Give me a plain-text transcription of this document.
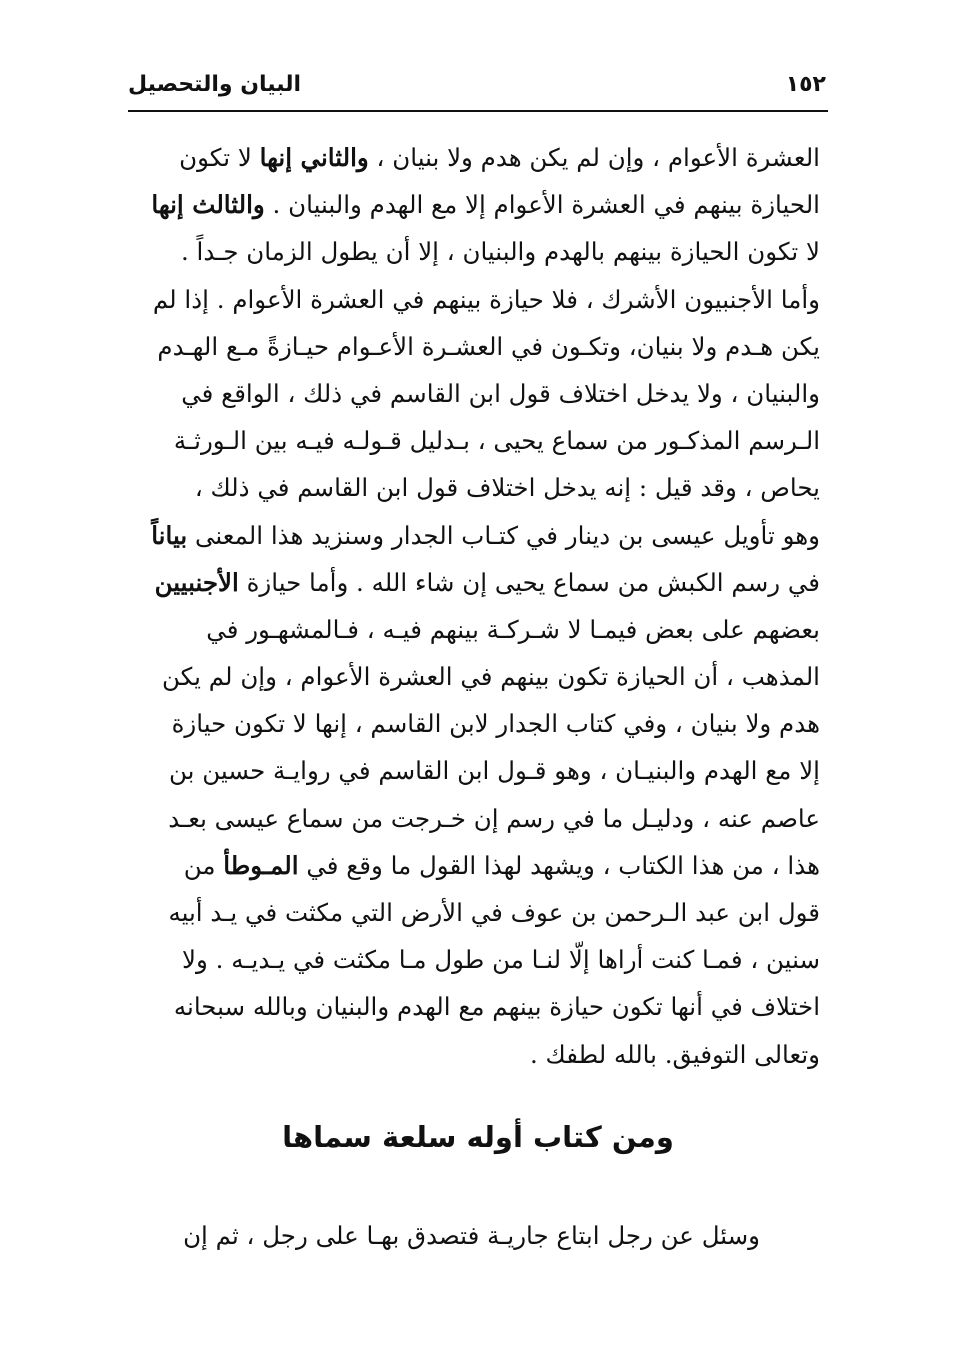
١٥٢
البيان والتحصيل
العشرة الأعوام ، وإن لم يكن هدم ولا بنيان ، والثاني إنها لا تكون
الحيازة بينهم في العشرة الأعوام إلا مع الهدم والبنيان . والثالث إنها
لا تكون الحيازة بينهم بالهدم والبنيان ، إلا أن يطول الزمان جـداً .
وأما الأجنبيون الأشرك ، فلا حيازة بينهم في العشرة الأعوام . إذا لم
يكن هـدم ولا بنيان، وتكـون في العشـرة الأعـوام حيـازةً مـع الهـدم
والبنيان ، ولا يدخل اختلاف قول ابن القاسم في ذلك ، الواقع في
الـرسم المذكـور من سماع يحيى ، بـدليل قـولـه فيـه بين الـورثـة
يحاص ، وقد قيل : إنه يدخل اختلاف قول ابن القاسم في ذلك ،
وهو تأويل عيسى بن دينار في كتـاب الجدار وسنزيد هذا المعنى بياناً
في رسم الكبش من سماع يحيى إن شاء الله . وأما حيازة الأجنبيين
بعضهم على بعض فيمـا لا شـركـة بينهم فيـه ، فـالمشهـور في
المذهب ، أن الحيازة تكون بينهم في العشرة الأعوام ، وإن لم يكن
هدم ولا بنيان ، وفي كتاب الجدار لابن القاسم ، إنها لا تكون حيازة
إلا مع الهدم والبنيـان ، وهو قـول ابن القاسم في روايـة حسين بن
عاصم عنه ، ودليـل ما في رسم إن خـرجت من سماع عيسى بعـد
هذا ، من هذا الكتاب ، ويشهد لهذا القول ما وقع في المـوطأ من
قول ابن عبد الـرحمن بن عوف في الأرض التي مكثت في يـد أبيه
سنين ، فمـا كنت أراها إلّا لنـا من طول مـا مكثت في يـديـه . ولا
اختلاف في أنها تكون حيازة بينهم مع الهدم والبنيان وبالله سبحانه
وتعالى التوفيق. بالله لطفك .
ومن كتاب أوله سلعة سماها
وسئل عن رجل ابتاع جاريـة فتصدق بهـا على رجل ، ثم إن
